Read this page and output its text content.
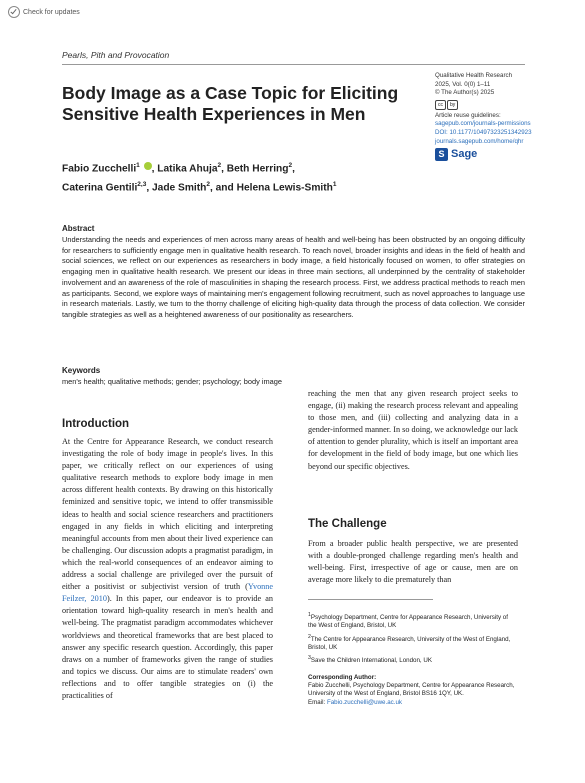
Check for updates
Pearls, Pith and Provocation
Body Image as a Case Topic for Eliciting Sensitive Health Experiences in Men
Qualitative Health Research
2025, Vol. 0(0) 1–11
© The Author(s) 2025
cc	by
Article reuse guidelines:
sagepub.com/journals-permissions
DOI: 10.1177/10497323251342923
journals.sagepub.com/home/qhr
S Sage
Fabio Zucchelli$^1$ , Latika Ahuja$^2$, Beth Herring$^2$,
Caterina Gentili$^{2,3}$, Jade Smith$^2$, and Helena Lewis-Smith$^1$
Abstract
Understanding the needs and experiences of men across many areas of health and well-being has been obstructed by an ongoing difficulty for researchers to sufficiently engage men in qualitative health research. To reach novel, broader insights and ideas in the field of health and social sciences, we reflect on our experiences as researchers in body image, a field historically focused on women, to offer strategies on engaging men in qualitative health research. We present our ideas in three main sections, all underpinned by the centrality of stakeholder involvement and an awareness of the role of masculinities in shaping the research process. First, we address practical methods to reach men as participants. Second, we explore ways of maintaining men's engagement following recruitment, such as novel approaches to language use in research materials. Lastly, we turn to the thorny challenge of eliciting high-quality data through the process of data collection. We consider tangible strategies as well as a heightened awareness of our positionality as researchers.
Keywords
men's health; qualitative methods; gender; psychology; body image
Introduction
At the Centre for Appearance Research, we conduct research investigating the role of body image in people's lives. In this paper, we critically reflect on our experiences of using qualitative research methods to explore body image in men across different health contexts. By drawing on this historically feminized and sensitive topic, we intend to offer transmissible ideas to health and social science researchers and practitioners engaged in any fields in which eliciting and interpreting meaningful accounts from men about their lived experience can be challenging. Our discussion adopts a pragmatist paradigm, in which the real-world consequences of an endeavor aiming to address a social challenge are privileged over the pursuit of either a positivist or subjectivist version of truth (Yvonne Feilzer, 2010). In this paper, our endeavor is to provide an orientation toward high-quality research in men's health and well-being. The pragmatist paradigm accommodates whichever worldviews and theoretical frameworks that are best placed to answer any specific research question. Accordingly, this paper draws on a number of frameworks given the range of studies and topics we discuss. Our aims are to stimulate readers' own reflections and to offer tangible strategies on (i) the practicalities of
reaching the men that any given research project seeks to engage, (ii) making the research process relevant and appealing to those men, and (iii) collecting and analyzing data in a gender-informed manner. In so doing, we acknowledge our lack of attention to gender plurality, which is itself an important area for development in the field of body image, but one which lies beyond our specific objectives.
The Challenge
From a broader public health perspective, we are presented with a double-pronged challenge regarding men's health and well-being. First, irrespective of age or cause, men are on average more likely to die prematurely than

$^1$Psychology Department, Centre for Appearance Research, University of the West of England, Bristol, UK

$^2$The Centre for Appearance Research, University of the West of England, Bristol, UK

$^3$Save the Children International, London, UK

Corresponding Author:

Fabio Zucchelli, Psychology Department, Centre for Appearance Research, University of the West of England, Bristol BS16 1QY, UK.

Email: Fabio.zucchelli@uwe.ac.uk
